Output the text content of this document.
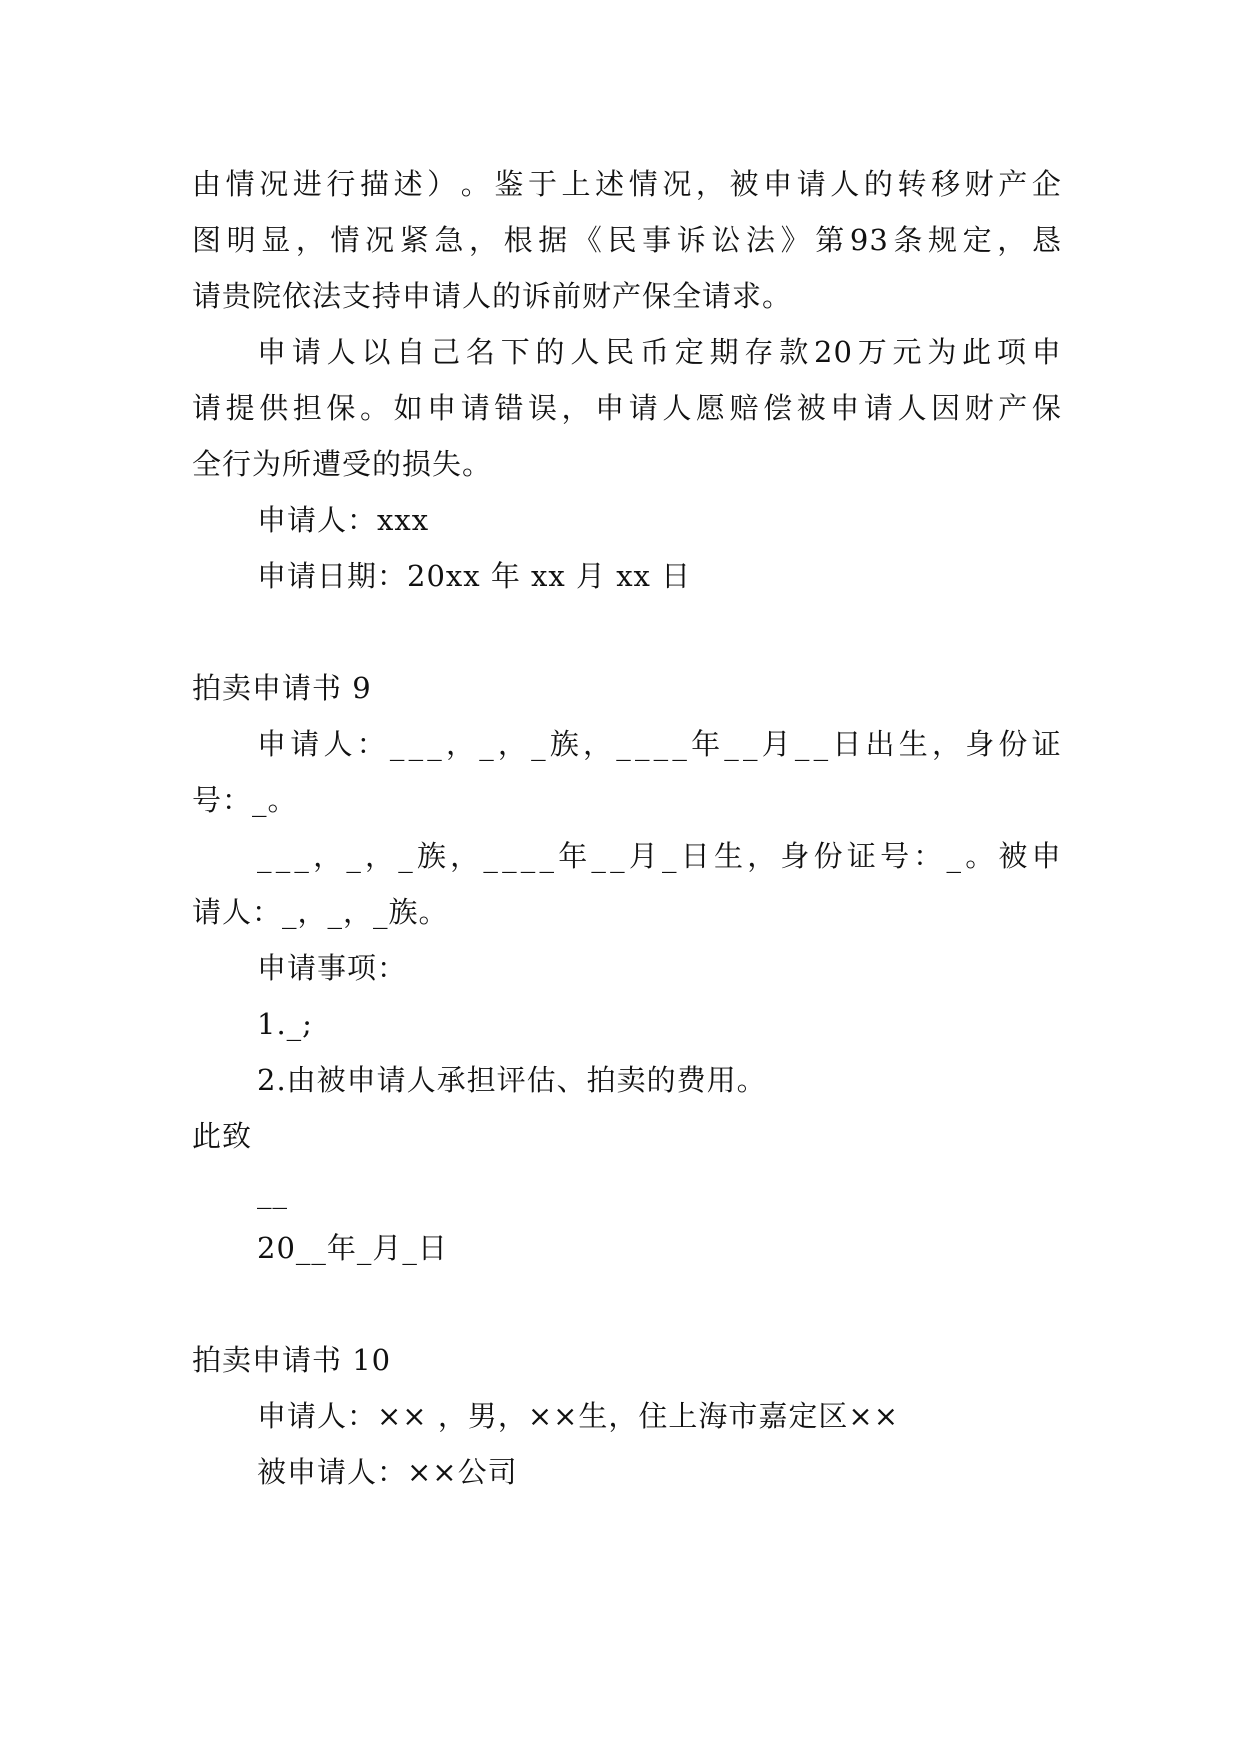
由 情 况 进 行 描 述 ） 。 鉴 于 上 述 情 况 ， 被 申 请 人 的 转 移 财 产 企
图 明 显 ， 情 况 紧 急 ， 根 据 《 民 事 诉 讼 法 》 第 93 条 规 定 ， 恳
请贵院依法支持申请人的诉前财产保全请求。
申 请 人 以 自 己 名 下 的 人 民 币 定 期 存 款 20 万 元 为 此 项 申
请 提 供 担 保 。 如 申 请 错 误 ， 申 请 人 愿 赔 偿 被 申 请 人 因 财 产 保
全行为所遭受的损失。
申请人：xxx
申请日期：20xx 年 xx 月 xx 日
拍卖申请书 9
申 请 人 ： _ _ _ ， _ ， _ 族 ， _ _ _ _ 年 _ _ 月 _ _ 日 出 生 ， 身 份 证
号：_。
_ _ _ ， _ ， _ 族 ， _ _ _ _ 年 _ _ 月 _ 日 生 ， 身 份 证 号 ： _ 。 被 申
请人：_，_，_族。
申请事项：
1._;
2.由被申请人承担评估、拍卖的费用。
此致
__
20__年_月_日
拍卖申请书 10
申请人：×× ，男，××生，住上海市嘉定区××
被申请人：××公司
